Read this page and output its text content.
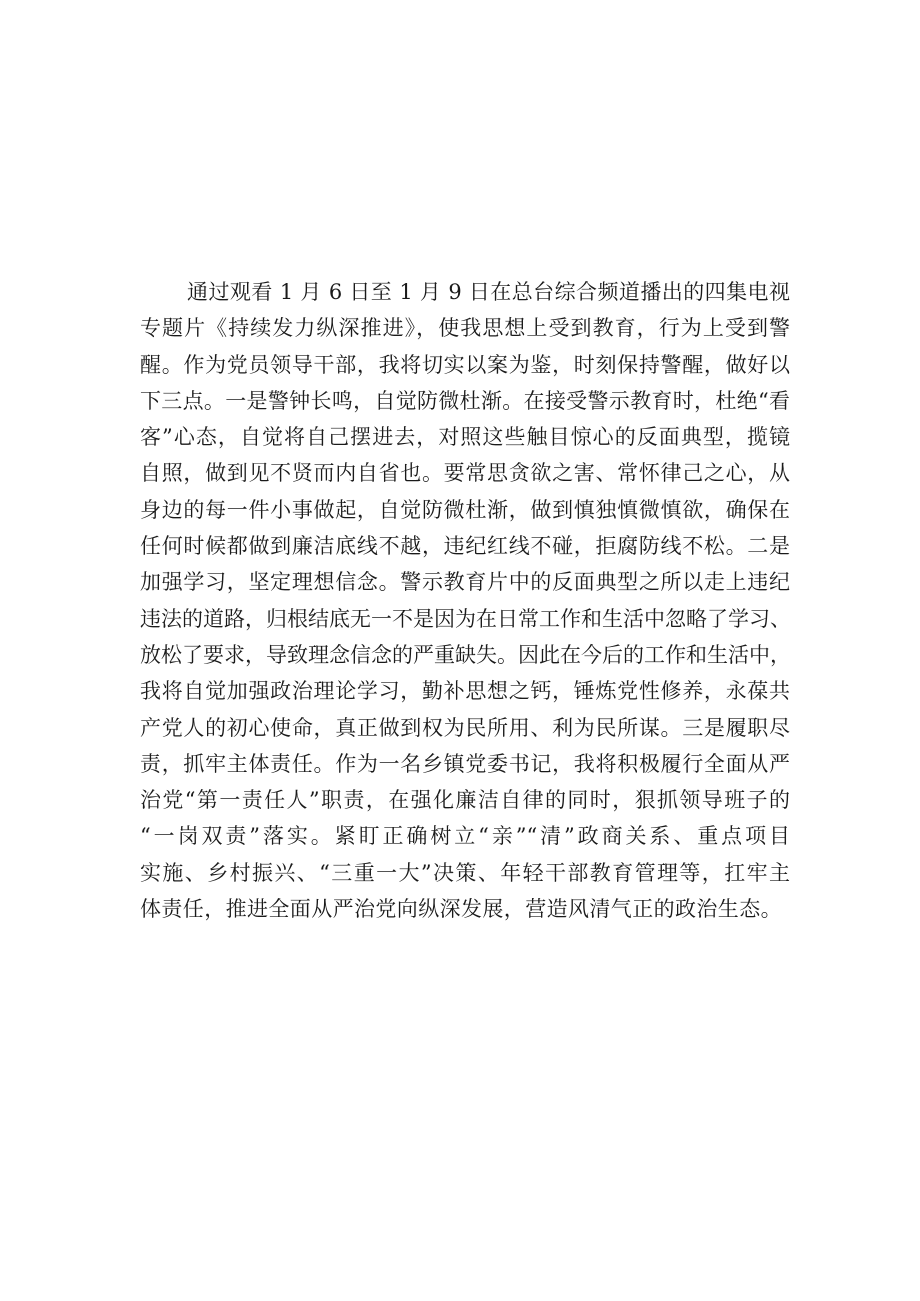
通过观看 1 月 6 日至 1 月 9 日在总台综合频道播出的四集电视
专题片《持续发力纵深推进》，使我思想上受到教育，行为上受到警
醒。作为党员领导干部，我将切实以案为鉴，时刻保持警醒，做好以
下三点。一是警钟长鸣，自觉防微杜渐。在接受警示教育时，杜绝“看
客”心态，自觉将自己摆进去，对照这些触目惊心的反面典型，揽镜
自照，做到见不贤而内自省也。要常思贪欲之害、常怀律己之心，从
身边的每一件小事做起，自觉防微杜渐，做到慎独慎微慎欲，确保在
任何时候都做到廉洁底线不越，违纪红线不碰，拒腐防线不松。二是
加强学习，坚定理想信念。警示教育片中的反面典型之所以走上违纪
违法的道路，归根结底无一不是因为在日常工作和生活中忽略了学习、
放松了要求，导致理念信念的严重缺失。因此在今后的工作和生活中，
我将自觉加强政治理论学习，勤补思想之钙，锤炼党性修养，永葆共
产党人的初心使命，真正做到权为民所用、利为民所谋。三是履职尽
责，抓牢主体责任。作为一名乡镇党委书记，我将积极履行全面从严
治党“第一责任人”职责，在强化廉洁自律的同时，狠抓领导班子的
“一岗双责”落实。紧盯正确树立“亲”“清”政商关系、重点项目
实施、乡村振兴、“三重一大”决策、年轻干部教育管理等，扛牢主
体责任，推进全面从严治党向纵深发展，营造风清气正的政治生态。
